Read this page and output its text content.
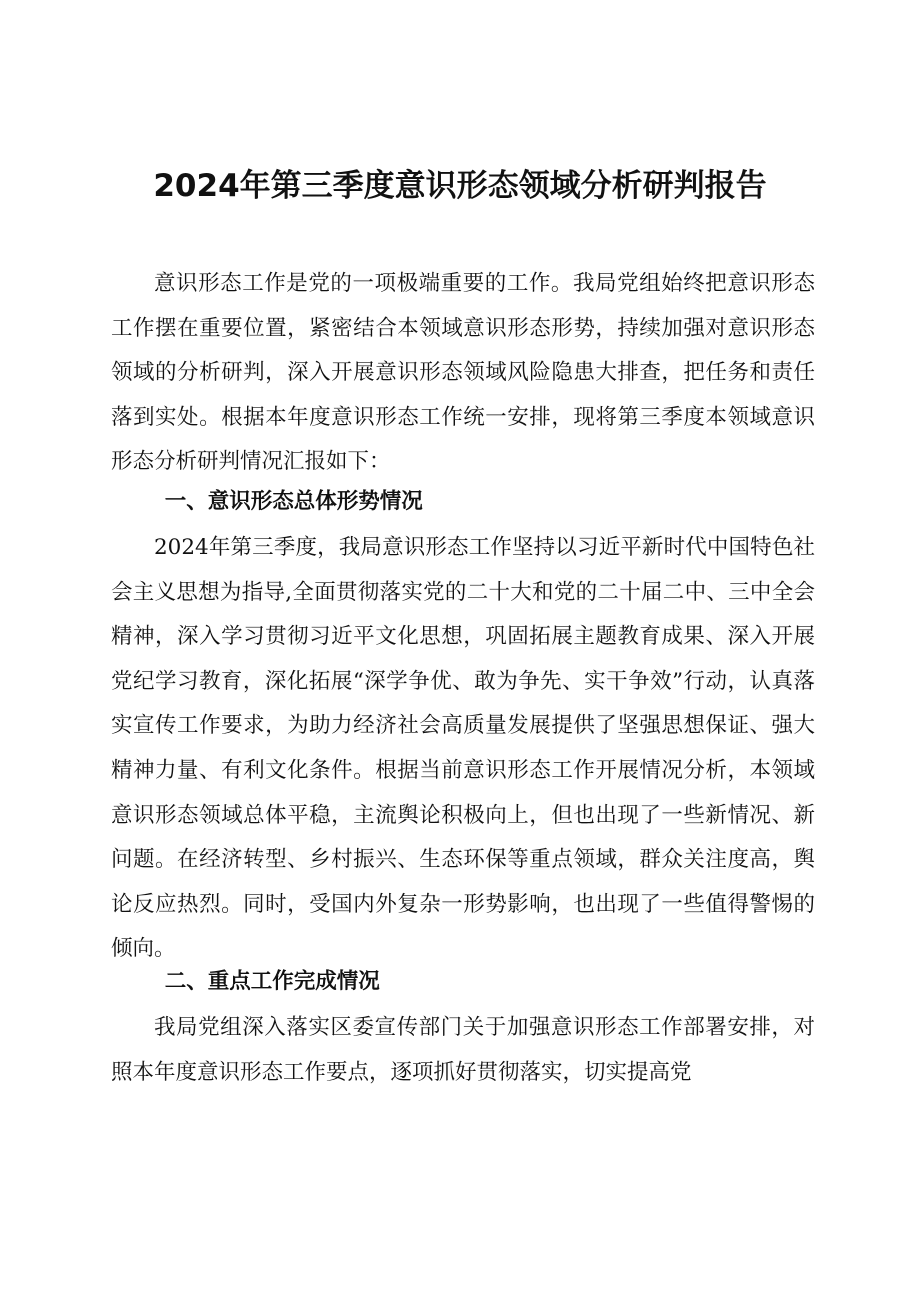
2024年第三季度意识形态领域分析研判报告

意识形态工作是党的一项极端重要的工作。我局党组始终把意识形态工作摆在重要位置，紧密结合本领域意识形态形势，持续加强对意识形态领域的分析研判，深入开展意识形态领域风险隐患大排查，把任务和责任落到实处。根据本年度意识形态工作统一安排，现将第三季度本领域意识形态分析研判情况汇报如下：

一、意识形态总体形势情况

2024年第三季度，我局意识形态工作坚持以习近平新时代中国特色社会主义思想为指导,全面贯彻落实党的二十大和党的二十届二中、三中全会精神，深入学习贯彻习近平文化思想，巩固拓展主题教育成果、深入开展党纪学习教育，深化拓展“深学争优、敢为争先、实干争效”行动，认真落实宣传工作要求，为助力经济社会高质量发展提供了坚强思想保证、强大精神力量、有利文化条件。根据当前意识形态工作开展情况分析，本领域意识形态领域总体平稳，主流舆论积极向上，但也出现了一些新情况、新问题。在经济转型、乡村振兴、生态环保等重点领域，群众关注度高，舆论反应热烈。同时，受国内外复杂一形势影响，也出现了一些值得警惕的倾向。

二、重点工作完成情况

我局党组深入落实区委宣传部门关于加强意识形态工作部署安排，对照本年度意识形态工作要点，逐项抓好贯彻落实，切实提高党
